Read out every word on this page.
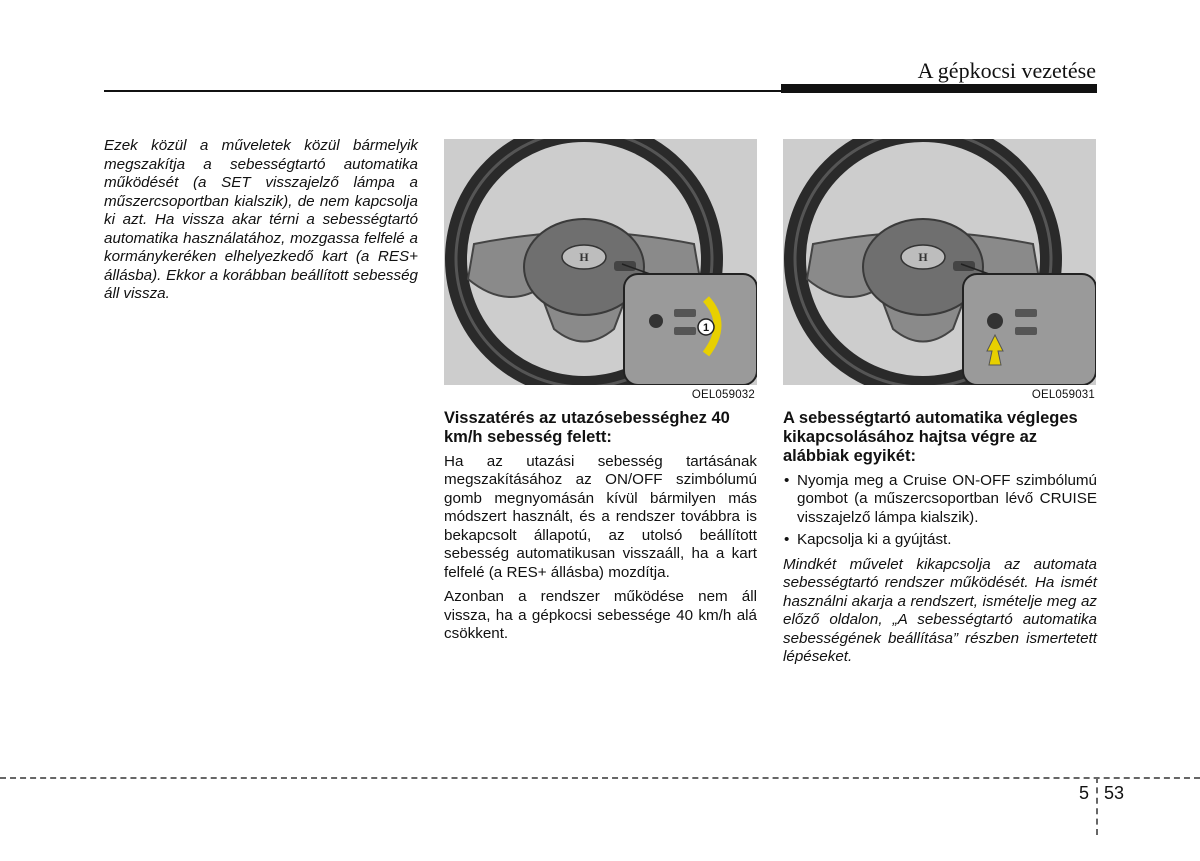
A gépkocsi vezetése

Ezek közül a műveletek közül bármelyik megszakítja a sebességtartó automatika működését (a SET visszajelző lámpa a műszercsoportban kialszik), de nem kapcsolja ki azt. Ha vissza akar térni a sebességtartó automatika használatához, mozgassa felfelé a kormánykeréken elhelyezkedő kart (a RES+ állásba). Ekkor a korábban beállított sebesség áll vissza.

H
1
OEL059032
Visszatérés az utazósebességhez 40 km/h sebesség felett:

Ha az utazási sebesség tartásának megszakításához az ON/OFF szimbólumú gomb megnyomásán kívül bármilyen más módszert használt, és a rendszer továbbra is bekapcsolt állapotú, az utolsó beállított sebesség automatikusan visszaáll, ha a kart felfelé (a RES+ állásba) mozdítja.

Azonban a rendszer működése nem áll vissza, ha a gépkocsi sebessége 40 km/h alá csökkent.

H
OEL059031
A sebességtartó automatika végleges kikapcsolásához hajtsa végre az alábbiak egyikét:
• Nyomja meg a Cruise ON-OFF szimbólumú gombot (a műszercsoportban lévő CRUISE visszajelző lámpa kialszik).
• Kapcsolja ki a gyújtást.

Mindkét művelet kikapcsolja az automata sebességtartó rendszer működését. Ha ismét használni akarja a rendszert, ismételje meg az előző oldalon, „A sebességtartó automatika sebességének beállítása” részben ismertetett lépéseket.

5 53
